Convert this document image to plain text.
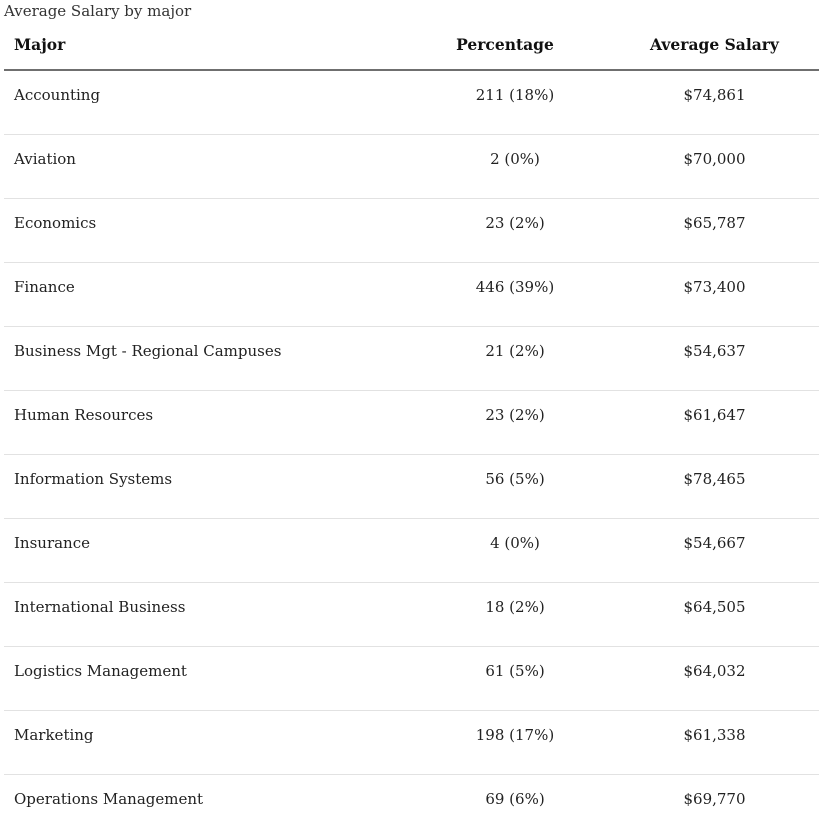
Average Salary by major
Major	Percentage	Average Salary
Accounting	211 (18%)	$74,861
Aviation	2 (0%)	$70,000
Economics	23 (2%)	$65,787
Finance	446 (39%)	$73,400
Business Mgt - Regional Campuses	21 (2%)	$54,637
Human Resources	23 (2%)	$61,647
Information Systems	56 (5%)	$78,465
Insurance	4 (0%)	$54,667
International Business	18 (2%)	$64,505
Logistics Management	61 (5%)	$64,032
Marketing	198 (17%)	$61,338
Operations Management	69 (6%)	$69,770
